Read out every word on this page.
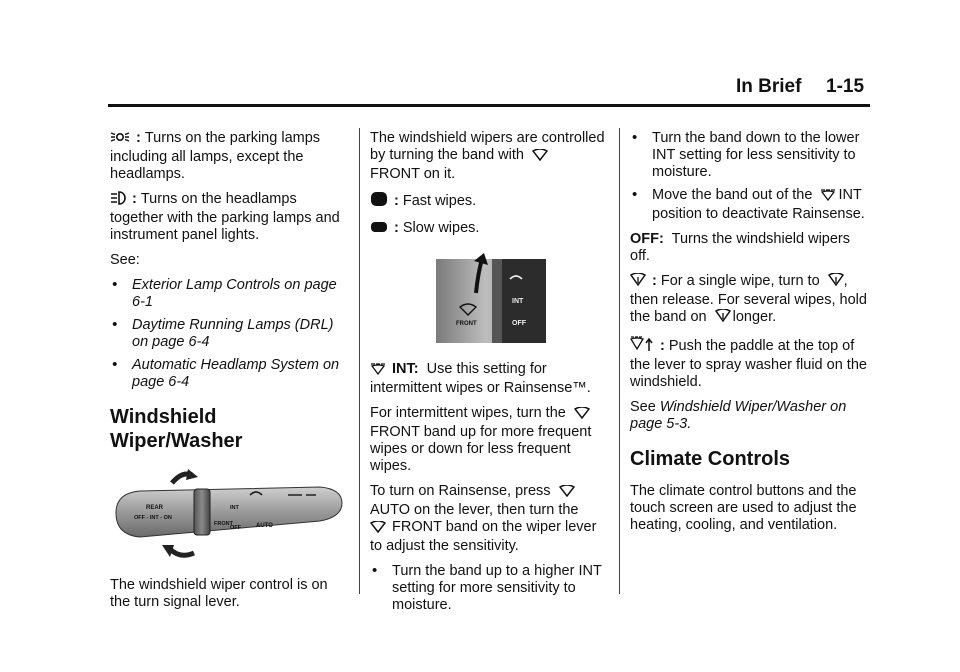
In Brief 1-15

: Turns on the parking lamps including all lamps, except the headlamps.

: Turns on the headlamps together with the parking lamps and instrument panel lights.

See:

• Exterior Lamp Controls on page 6-1
• Daytime Running Lamps (DRL) on page 6-4
• Automatic Headlamp System on page 6-4
Windshield Wiper/Washer
REAR
OFF - INT - ON
FRONT
INT
OFF	AUTO

The windshield wiper control is on the turn signal lever.

The windshield wipers are controlled by turning the band with
FRONT on it.

: Fast wipes.

: Slow wipes.

FRONT
INT
OFF

INT: Use this setting for intermittent wipes or Rainsense™.

For intermittent wipes, turn the
FRONT band up for more frequent wipes or down for less frequent wipes.

To turn on Rainsense, press
AUTO on the lever, then turn the
FRONT band on the wiper lever to adjust the sensitivity.

• Turn the band up to a higher INT setting for more sensitivity to moisture.
• Turn the band down to the lower INT setting for less sensitivity to moisture.
• Move the band out of the INT
position to deactivate Rainsense.

OFF: Turns the windshield wipers off.

: For a single wipe, turn to , then release. For several wipes, hold the band on longer.

: Push the paddle at the top of the lever to spray washer fluid on the windshield.

See Windshield Wiper/Washer on page 5-3.

Climate Controls

The climate control buttons and the touch screen are used to adjust the heating, cooling, and ventilation.
